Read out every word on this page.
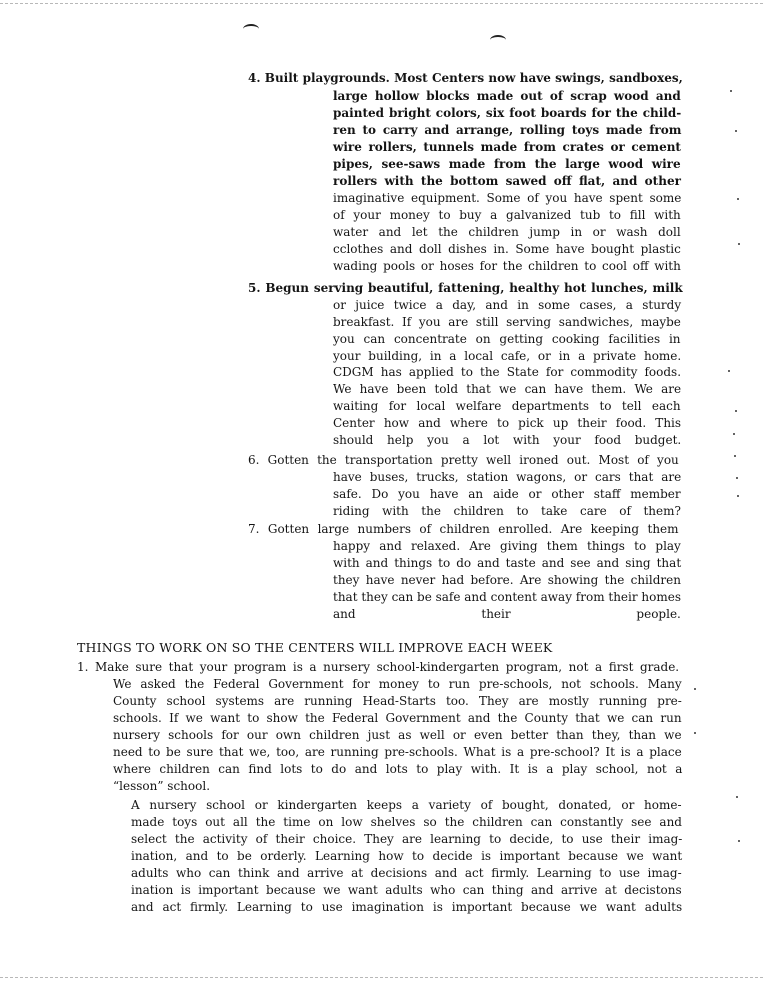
4. Built playgrounds. Most Centers now have swings, sandboxes,
large hollow blocks made out of scrap wood and
painted bright colors, six foot boards for the child-
ren to carry and arrange, rolling toys made from
wire rollers, tunnels made from crates or cement
pipes, see-saws made from the large wood wire
rollers with the bottom sawed off flat, and other
imaginative equipment. Some of you have spent some
of your money to buy a galvanized tub to fill with
water and let the children jump in or wash doll
cclothes and doll dishes in. Some have bought plastic
wading pools or hoses for the children to cool off with
5. Begun serving beautiful, fattening, healthy hot lunches, milk
or juice twice a day, and in some cases, a sturdy
breakfast. If you are still serving sandwiches, maybe
you can concentrate on getting cooking facilities in
your building, in a local cafe, or in a private home.
CDGM has applied to the State for commodity foods.
We have been told that we can have them. We are
waiting for local welfare departments to tell each
Center how and where to pick up their food. This
should help you a lot with your food budget.
6. Gotten the transportation pretty well ironed out. Most of you
have buses, trucks, station wagons, or cars that are
safe. Do you have an aide or other staff member
riding with the children to take care of them?
7. Gotten large numbers of children enrolled. Are keeping them
happy and relaxed. Are giving them things to play
with and things to do and taste and see and sing that
they have never had before. Are showing the children
that they can be safe and content away from their homes
and their people.
THINGS TO WORK ON SO THE CENTERS WILL IMPROVE EACH WEEK
1. Make sure that your program is a nursery school-kindergarten program, not a first grade.
We asked the Federal Government for money to run pre-schools, not schools. Many
County school systems are running Head-Starts too. They are mostly running pre-
schools. If we want to show the Federal Government and the County that we can run
nursery schools for our own children just as well or even better than they, than we
need to be sure that we, too, are running pre-schools. What is a pre-school? It is a place
where children can find lots to do and lots to play with. It is a play school, not a
“lesson” school.
A nursery school or kindergarten keeps a variety of bought, donated, or home-
made toys out all the time on low shelves so the children can constantly see and
select the activity of their choice. They are learning to decide, to use their imag-
ination, and to be orderly. Learning how to decide is important because we want
adults who can think and arrive at decisions and act firmly. Learning to use imag-
ination is important because we want adults who can thing and arrive at decistons
and act firmly. Learning to use imagination is important because we want adults
